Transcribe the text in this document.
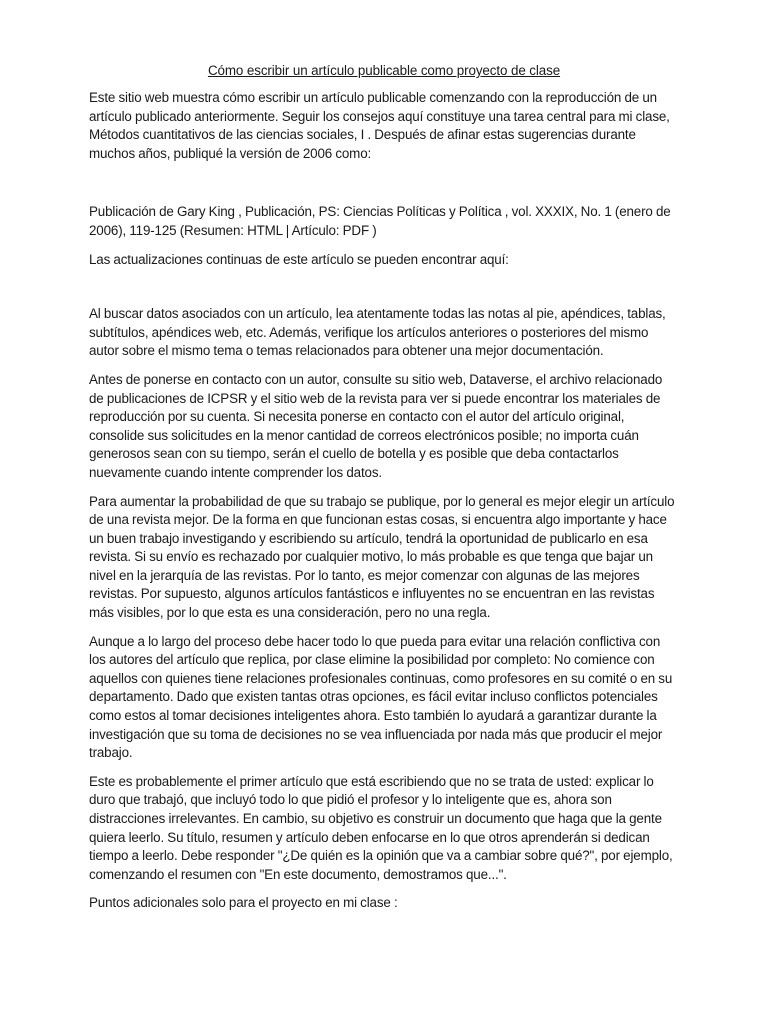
Cómo escribir un artículo publicable como proyecto de clase

Este sitio web muestra cómo escribir un artículo publicable comenzando con la reproducción de un artículo publicado anteriormente. Seguir los consejos aquí constituye una tarea central para mi clase, Métodos cuantitativos de las ciencias sociales, I . Después de afinar estas sugerencias durante muchos años, publiqué la versión de 2006 como:

Publicación de Gary King , Publicación, PS: Ciencias Políticas y Política , vol. XXXIX, No. 1 (enero de 2006), 119-125 (Resumen: HTML | Artículo: PDF )

Las actualizaciones continuas de este artículo se pueden encontrar aquí:

Al buscar datos asociados con un artículo, lea atentamente todas las notas al pie, apéndices, tablas, subtítulos, apéndices web, etc. Además, verifique los artículos anteriores o posteriores del mismo autor sobre el mismo tema o temas relacionados para obtener una mejor documentación.

Antes de ponerse en contacto con un autor, consulte su sitio web, Dataverse, el archivo relacionado de publicaciones de ICPSR y el sitio web de la revista para ver si puede encontrar los materiales de reproducción por su cuenta. Si necesita ponerse en contacto con el autor del artículo original, consolide sus solicitudes en la menor cantidad de correos electrónicos posible; no importa cuán generosos sean con su tiempo, serán el cuello de botella y es posible que deba contactarlos nuevamente cuando intente comprender los datos.

Para aumentar la probabilidad de que su trabajo se publique, por lo general es mejor elegir un artículo de una revista mejor. De la forma en que funcionan estas cosas, si encuentra algo importante y hace un buen trabajo investigando y escribiendo su artículo, tendrá la oportunidad de publicarlo en esa revista. Si su envío es rechazado por cualquier motivo, lo más probable es que tenga que bajar un nivel en la jerarquía de las revistas. Por lo tanto, es mejor comenzar con algunas de las mejores revistas. Por supuesto, algunos artículos fantásticos e influyentes no se encuentran en las revistas más visibles, por lo que esta es una consideración, pero no una regla.

Aunque a lo largo del proceso debe hacer todo lo que pueda para evitar una relación conflictiva con los autores del artículo que replica, por clase elimine la posibilidad por completo: No comience con aquellos con quienes tiene relaciones profesionales continuas, como profesores en su comité o en su departamento. Dado que existen tantas otras opciones, es fácil evitar incluso conflictos potenciales como estos al tomar decisiones inteligentes ahora. Esto también lo ayudará a garantizar durante la investigación que su toma de decisiones no se vea influenciada por nada más que producir el mejor trabajo.

Este es probablemente el primer artículo que está escribiendo que no se trata de usted: explicar lo duro que trabajó, que incluyó todo lo que pidió el profesor y lo inteligente que es, ahora son distracciones irrelevantes. En cambio, su objetivo es construir un documento que haga que la gente quiera leerlo. Su título, resumen y artículo deben enfocarse en lo que otros aprenderán si dedican tiempo a leerlo. Debe responder "¿De quién es la opinión que va a cambiar sobre qué?", por ejemplo, comenzando el resumen con "En este documento, demostramos que...".

Puntos adicionales solo para el proyecto en mi clase :
